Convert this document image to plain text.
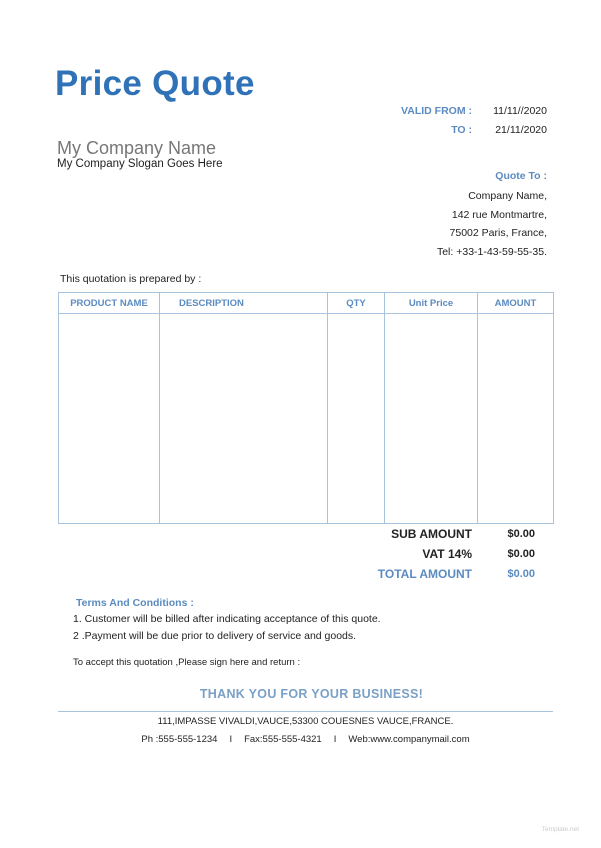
Price Quote
VALID FROM : 11/11//2020
TO : 21/11/2020
My Company Name
My Company Slogan Goes Here
Quote To :
Company Name,
142 rue Montmartre,
75002 Paris, France,
Tel: +33-1-43-59-55-35.
This quotation is prepared by :
PRODUCT NAME	DESCRIPTION	QTY	Unit Price	AMOUNT

SUB AMOUNT	$0.00
VAT 14%	$0.00
TOTAL AMOUNT	$0.00
Terms And Conditions :
1. Customer will be billed after indicating acceptance of this quote.
2 .Payment will be due prior to delivery of service and goods.
To accept this quotation ,Please sign here and return :
THANK YOU FOR YOUR BUSINESS!
111,IMPASSE VIVALDI,VAUCE,53300 COUESNES VAUCE,FRANCE.
Ph :555-555-1234 I Fax:555-555-4321 I Web:www.companymail.com
Template.net
